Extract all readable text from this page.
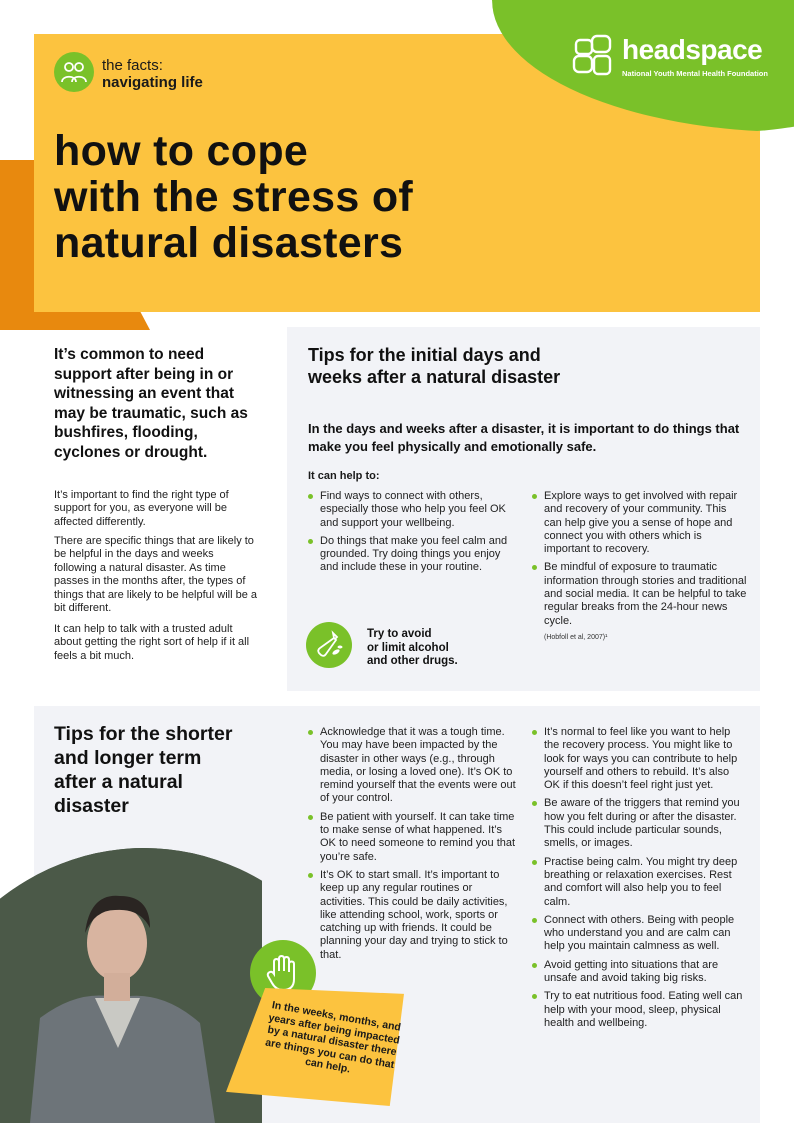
the facts:
navigating life
headspace
National Youth Mental Health Foundation
how to cope
with the stress of
natural disasters
It’s common to need support after being in or witnessing an event that may be traumatic, such as bushfires, flooding, cyclones or drought.

It’s important to find the right type of support for you, as everyone will be affected differently.

There are specific things that are likely to be helpful in the days and weeks following a natural disaster. As time passes in the months after, the types of things that are likely to be helpful will be a bit different.

It can help to talk with a trusted adult about getting the right sort of help if it all feels a bit much.

Tips for the initial days and
weeks after a natural disaster

In the days and weeks after a disaster, it is important to do things that make you feel physically and emotionally safe.

It can help to:
Find ways to connect with others, especially those who help you feel OK and support your wellbeing.
Do things that make you feel calm and grounded. Try doing things you enjoy and include these in your routine.
Explore ways to get involved with repair and recovery of your community. This can help give you a sense of hope and connect you with others which is important to recovery.
Be mindful of exposure to traumatic information through stories and traditional and social media. It can be helpful to take regular breaks from the 24-hour news cycle.
(Hobfoll et al, 2007)¹
Try to avoid
or limit alcohol
and other drugs.
Tips for the shorter
and longer term
after a natural
disaster
Acknowledge that it was a tough time. You may have been impacted by the disaster in other ways (e.g., through media, or losing a loved one). It’s OK to remind yourself that the events were out of your control.
Be patient with yourself. It can take time to make sense of what happened. It’s OK to need someone to remind you that you’re safe.
It’s OK to start small. It’s important to keep up any regular routines or activities. This could be daily activities, like attending school, work, sports or catching up with friends. It could be planning your day and trying to stick to that.
It’s normal to feel like you want to help the recovery process. You might like to look for ways you can contribute to help yourself and others to rebuild. It’s also OK if this doesn’t feel right just yet.
Be aware of the triggers that remind you how you felt during or after the disaster. This could include particular sounds, smells, or images.
Practise being calm. You might try deep breathing or relaxation exercises. Rest and comfort will also help you to feel calm.
Connect with others. Being with people who understand you and are calm can help you maintain calmness as well.
Avoid getting into situations that are unsafe and avoid taking big risks.
Try to eat nutritious food. Eating well can help with your mood, sleep, physical health and wellbeing.
In the weeks, months, and years after being impacted by a natural disaster there are things you can do that can help.
